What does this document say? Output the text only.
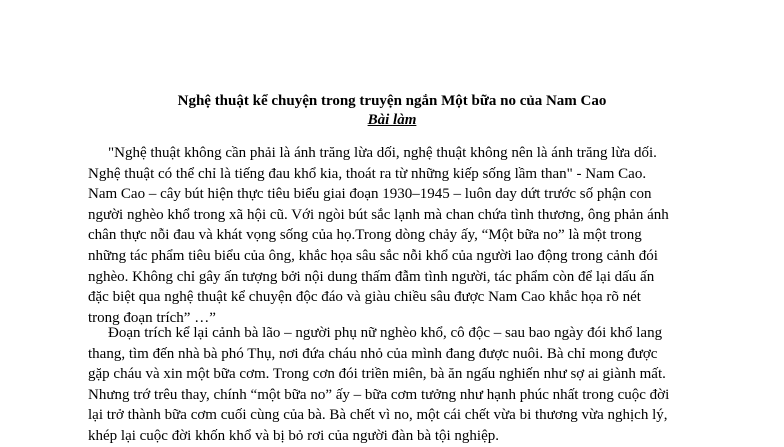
Nghệ thuật kể chuyện trong truyện ngắn Một bữa no của Nam Cao
Bài làm
"Nghệ thuật không cần phải là ánh trăng lừa dối, nghệ thuật không nên là ánh trăng lừa dối.
Nghệ thuật có thể chỉ là tiếng đau khổ kia, thoát ra từ những kiếp sống lầm than" - Nam Cao.
Nam Cao – cây bút hiện thực tiêu biểu giai đoạn 1930–1945 – luôn day dứt trước số phận con
người nghèo khổ trong xã hội cũ. Với ngòi bút sắc lạnh mà chan chứa tình thương, ông phản ánh
chân thực nỗi đau và khát vọng sống của họ.Trong dòng chảy ấy, “Một bữa no” là một trong
những tác phẩm tiêu biểu của ông, khắc họa sâu sắc nỗi khổ của người lao động trong cảnh đói
nghèo. Không chỉ gây ấn tượng bởi nội dung thấm đẫm tình người, tác phẩm còn để lại dấu ấn
đặc biệt qua nghệ thuật kể chuyện độc đáo và giàu chiều sâu được Nam Cao khắc họa rõ nét
trong đoạn trích” …”
Đoạn trích kể lại cảnh bà lão – người phụ nữ nghèo khổ, cô độc – sau bao ngày đói khổ lang
thang, tìm đến nhà bà phó Thụ, nơi đứa cháu nhỏ của mình đang được nuôi. Bà chỉ mong được
gặp cháu và xin một bữa cơm. Trong cơn đói triền miên, bà ăn ngấu nghiến như sợ ai giành mất.
Nhưng trớ trêu thay, chính “một bữa no” ấy – bữa cơm tưởng như hạnh phúc nhất trong cuộc đời
lại trở thành bữa cơm cuối cùng của bà. Bà chết vì no, một cái chết vừa bi thương vừa nghịch lý,
khép lại cuộc đời khốn khổ và bị bỏ rơi của người đàn bà tội nghiệp.
